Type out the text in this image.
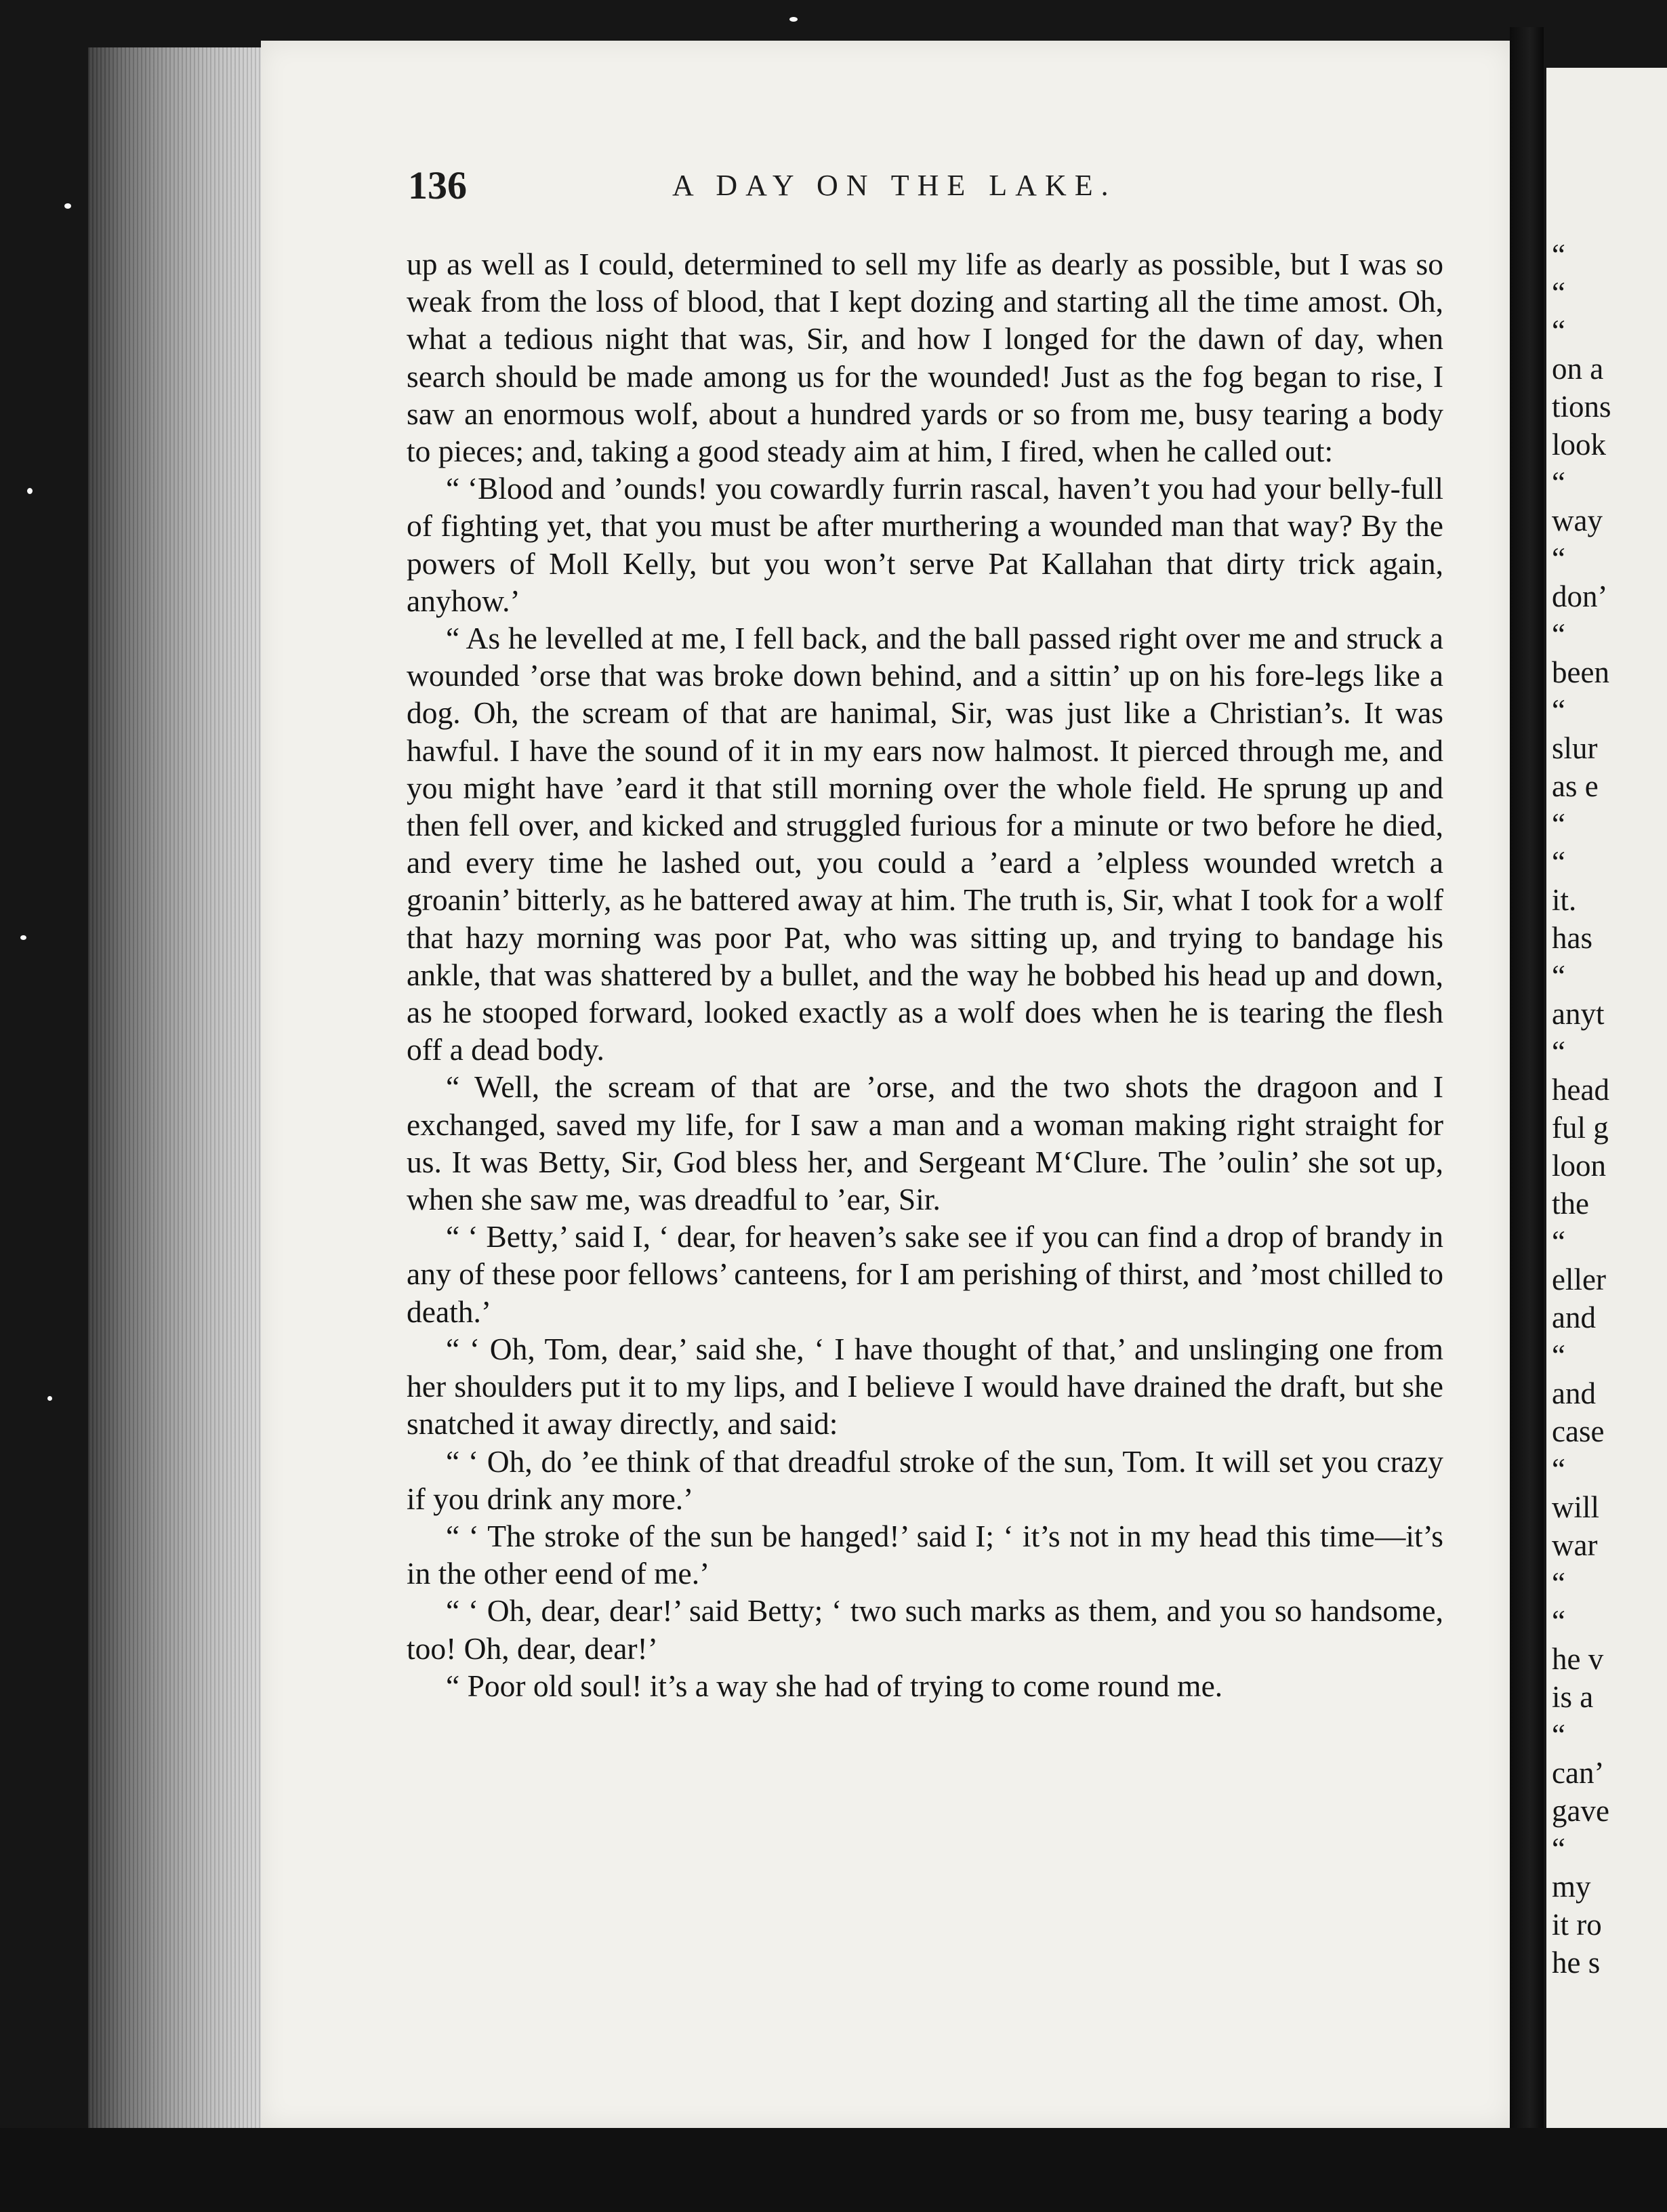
136	A DAY ON THE LAKE.

up as well as I could, determined to sell my life as dearly as possible, but I was so weak from the loss of blood, that I kept dozing and starting all the time amost. Oh, what a tedious night that was, Sir, and how I longed for the dawn of day, when search should be made among us for the wounded! Just as the fog began to rise, I saw an enormous wolf, about a hundred yards or so from me, busy tearing a body to pieces; and, taking a good steady aim at him, I fired, when he called out:

“ ‘Blood and ’ounds! you cowardly furrin rascal, haven’t you had your belly-full of fighting yet, that you must be after murthering a wounded man that way? By the powers of Moll Kelly, but you won’t serve Pat Kallahan that dirty trick again, anyhow.’

“ As he levelled at me, I fell back, and the ball passed right over me and struck a wounded ’orse that was broke down behind, and a sittin’ up on his fore-legs like a dog. Oh, the scream of that are hanimal, Sir, was just like a Christian’s. It was hawful. I have the sound of it in my ears now halmost. It pierced through me, and you might have ’eard it that still morning over the whole field. He sprung up and then fell over, and kicked and struggled furious for a minute or two before he died, and every time he lashed out, you could a ’eard a ’elpless wounded wretch a groanin’ bitterly, as he battered away at him. The truth is, Sir, what I took for a wolf that hazy morning was poor Pat, who was sitting up, and trying to bandage his ankle, that was shattered by a bullet, and the way he bobbed his head up and down, as he stooped forward, looked exactly as a wolf does when he is tearing the flesh off a dead body.

“ Well, the scream of that are ’orse, and the two shots the dragoon and I exchanged, saved my life, for I saw a man and a woman making right straight for us. It was Betty, Sir, God bless her, and Sergeant M‘Clure. The ’oulin’ she sot up, when she saw me, was dreadful to ’ear, Sir.

“ ‘ Betty,’ said I, ‘ dear, for heaven’s sake see if you can find a drop of brandy in any of these poor fellows’ canteens, for I am perishing of thirst, and ’most chilled to death.’

“ ‘ Oh, Tom, dear,’ said she, ‘ I have thought of that,’ and unslinging one from her shoulders put it to my lips, and I believe I would have drained the draft, but she snatched it away directly, and said:

“ ‘ Oh, do ’ee think of that dreadful stroke of the sun, Tom. It will set you crazy if you drink any more.’

“ ‘ The stroke of the sun be hanged!’ said I; ‘ it’s not in my head this time—it’s in the other eend of me.’

“ ‘ Oh, dear, dear!’ said Betty; ‘ two such marks as them, and you so handsome, too! Oh, dear, dear!’

“ Poor old soul! it’s a way she had of trying to come round me.

“
“
“
on a
tions
look
“
way
“
don’
“
been
“
slur
as e
“
“
it.
has
“
anyt
“
head
ful g
loon
the
“
eller
and
“
and
case
“
will
war
“
“
he v
is a
“
can’
gave
“
my
it ro
he s
